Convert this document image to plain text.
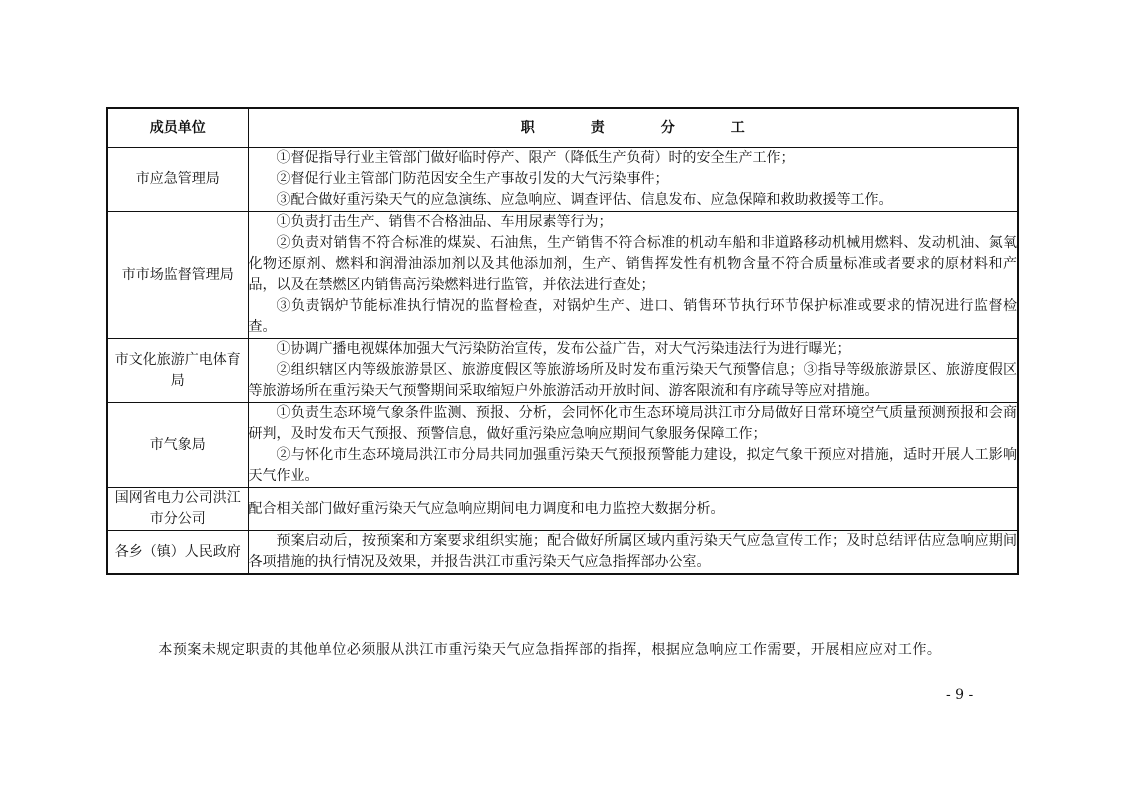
成员单位	职 责 分 工
市应急管理局	①督促指导行业主管部门做好临时停产、限产（降低生产负荷）时的安全生产工作；

②督促行业主管部门防范因安全生产事故引发的大气污染事件；

③配合做好重污染天气的应急演练、应急响应、调查评估、信息发布、应急保障和救助救援等工作。

市市场监督管理局	①负责打击生产、销售不合格油品、车用尿素等行为；

②负责对销售不符合标准的煤炭、石油焦，生产销售不符合标准的机动车船和非道路移动机械用燃料、发动机油、氮氧化物还原剂、燃料和润滑油添加剂以及其他添加剂，生产、销售挥发性有机物含量不符合质量标准或者要求的原材料和产品，以及在禁燃区内销售高污染燃料进行监管，并依法进行查处；

③负责锅炉节能标准执行情况的监督检查，对锅炉生产、进口、销售环节执行环节保护标准或要求的情况进行监督检查。

市文化旅游广电体育局	①协调广播电视媒体加强大气污染防治宣传，发布公益广告，对大气污染违法行为进行曝光；

②组织辖区内等级旅游景区、旅游度假区等旅游场所及时发布重污染天气预警信息；③指导等级旅游景区、旅游度假区等旅游场所在重污染天气预警期间采取缩短户外旅游活动开放时间、游客限流和有序疏导等应对措施。

市气象局	①负责生态环境气象条件监测、预报、分析，会同怀化市生态环境局洪江市分局做好日常环境空气质量预测预报和会商研判，及时发布天气预报、预警信息，做好重污染应急响应期间气象服务保障工作；

②与怀化市生态环境局洪江市分局共同加强重污染天气预报预警能力建设，拟定气象干预应对措施，适时开展人工影响天气作业。

国网省电力公司洪江市分公司	配合相关部门做好重污染天气应急响应期间电力调度和电力监控大数据分析。

各乡（镇）人民政府	预案启动后，按预案和方案要求组织实施；配合做好所属区域内重污染天气应急宣传工作；及时总结评估应急响应期间各项措施的执行情况及效果，并报告洪江市重污染天气应急指挥部办公室。

本预案未规定职责的其他单位必须服从洪江市重污染天气应急指挥部的指挥，根据应急响应工作需要，开展相应应对工作。

- 9 -
